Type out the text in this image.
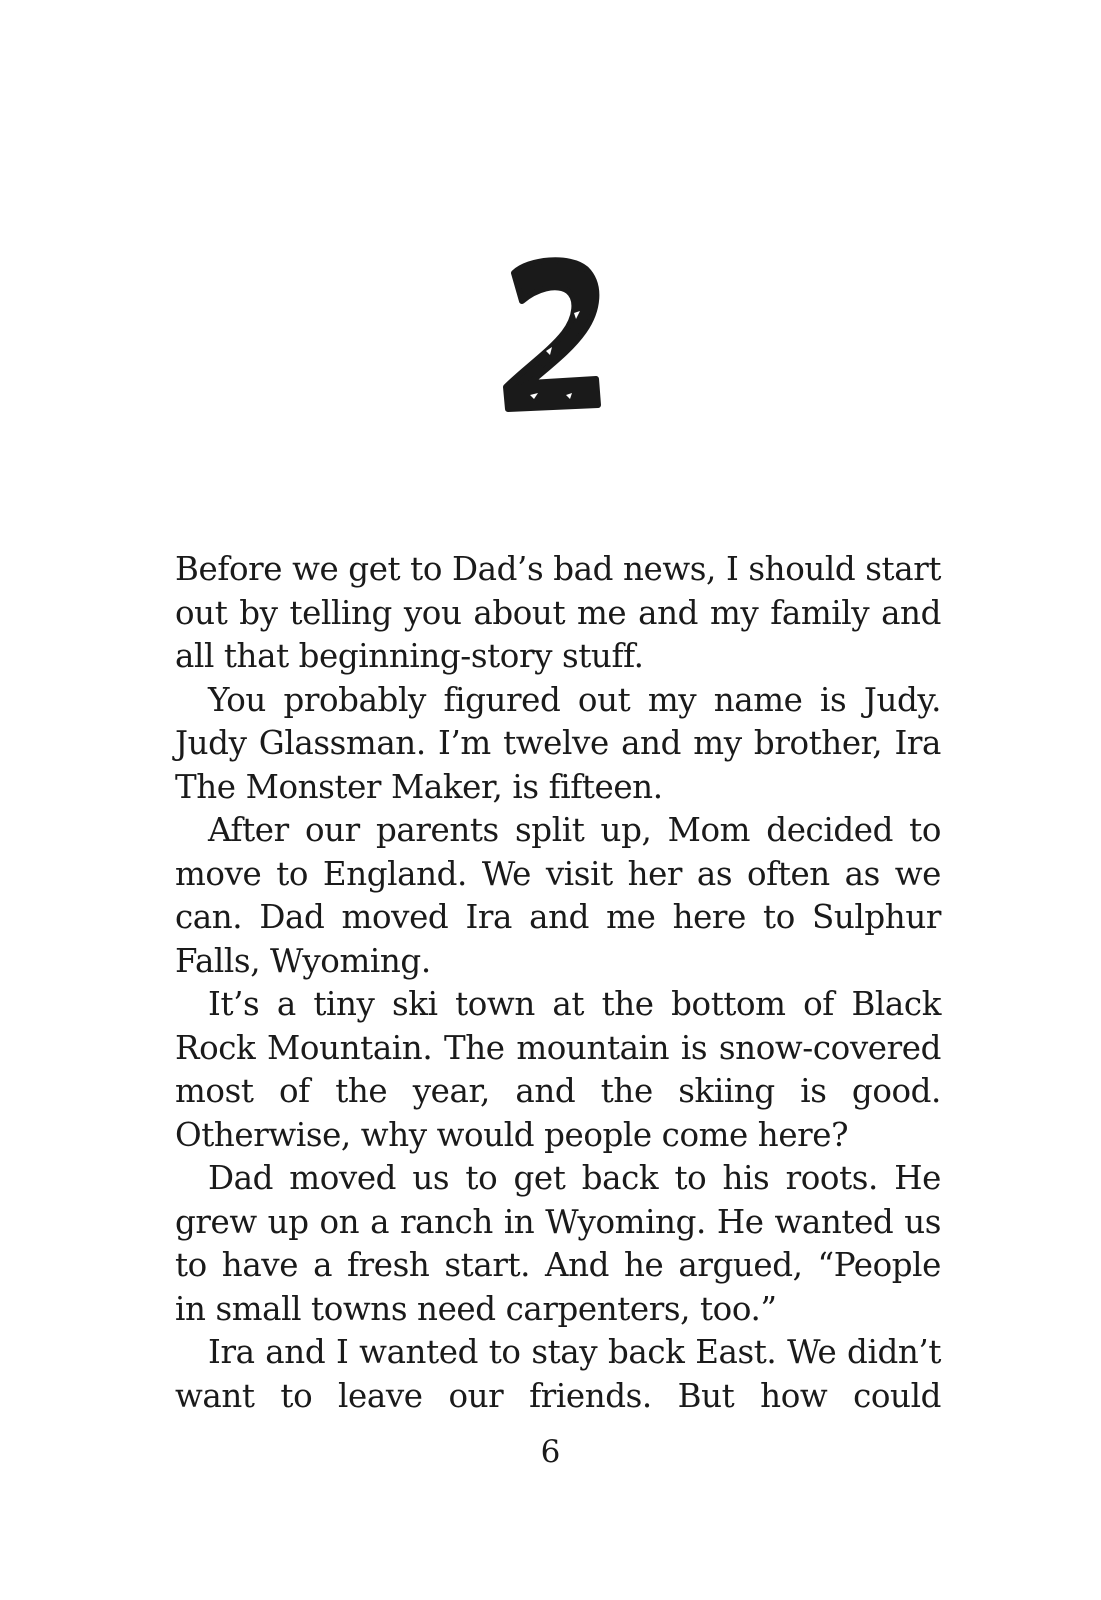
Before we get to Dad’s bad news, I should start out by telling you about me and my family and all that beginning-story stuff.

You probably figured out my name is Judy. Judy Glassman. I’m twelve and my brother, Ira The Monster Maker, is fifteen.

After our parents split up, Mom decided to move to England. We visit her as often as we can. Dad moved Ira and me here to Sulphur Falls, Wyoming.

It’s a tiny ski town at the bottom of Black Rock Mountain. The mountain is snow-covered most of the year, and the skiing is good. Otherwise, why would people come here?

Dad moved us to get back to his roots. He grew up on a ranch in Wyoming. He wanted us to have a fresh start. And he argued, “People in small towns need carpenters, too.”

Ira and I wanted to stay back East. We didn’t want to leave our friends. But how could

6
